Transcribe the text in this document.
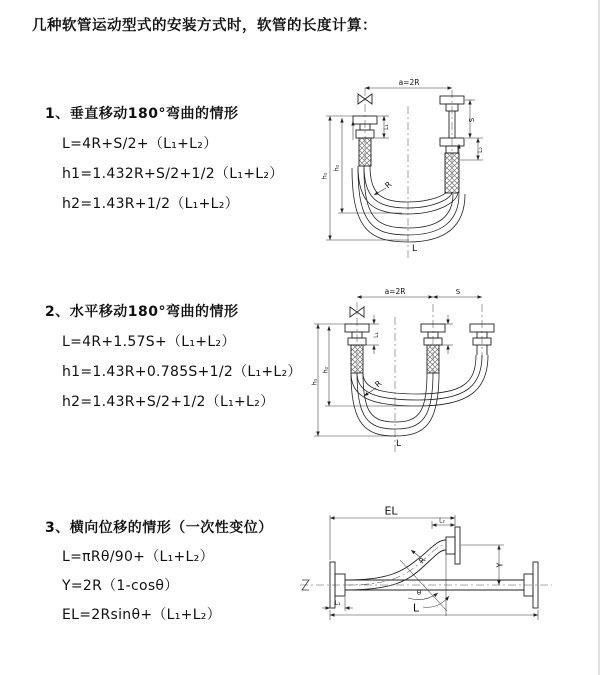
几种软管运动型式的安装方式时，软管的长度计算：

1、垂直移动180°弯曲的情形

L=4R+S/2+（L₁+L₂）

h1=1.432R+S/2+1/2（L₁+L₂）

h2=1.43R+1/2（L₁+L₂）

2、水平移动180°弯曲的情形

L=4R+1.57S+（L₁+L₂）

h1=1.43R+0.785S+1/2（L₁+L₂）

h2=1.43R+S/2+1/2（L₁+L₂）

3、横向位移的情形（一次性变位）

L=πRθ/90+（L₁+L₂）

Y=2R（1-cosθ）

EL=2Rsinθ+（L₁+L₂）

a=2R
h₁
h₂
L₁
S
L₂
R
L
a=2R	S
h₁
h₂
L₁
R
L
EL
L₂
Y
θ
R
L
L₁
